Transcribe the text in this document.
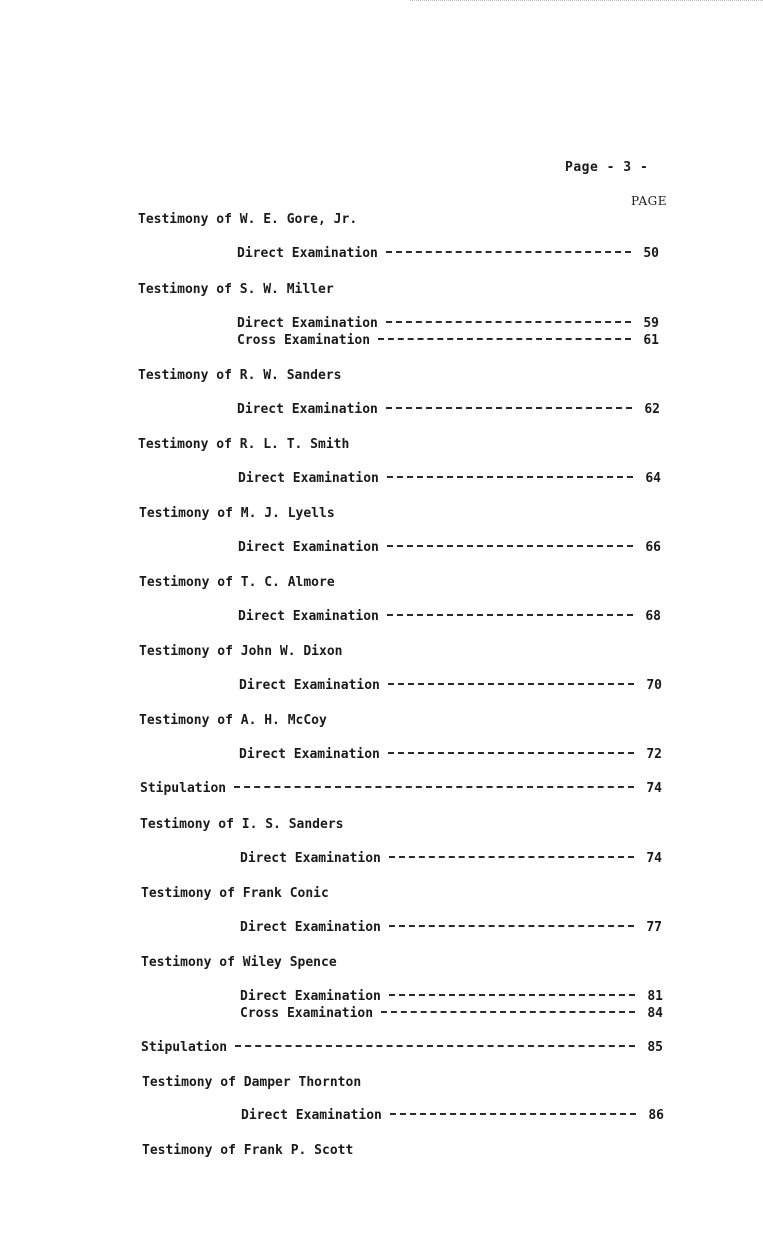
Page - 3 -
PAGE
Testimony of W. E. Gore, Jr.
Direct Examination	50
Testimony of S. W. Miller
Direct Examination	59
Cross Examination	61
Testimony of R. W. Sanders
Direct Examination	62
Testimony of R. L. T. Smith
Direct Examination	64
Testimony of M. J. Lyells
Direct Examination	66
Testimony of T. C. Almore
Direct Examination	68
Testimony of John W. Dixon
Direct Examination	70
Testimony of A. H. McCoy
Direct Examination	72
Stipulation	74
Testimony of I. S. Sanders
Direct Examination	74
Testimony of Frank Conic
Direct Examination	77
Testimony of Wiley Spence
Direct Examination	81
Cross Examination	84
Stipulation	85
Testimony of Damper Thornton
Direct Examination	86
Testimony of Frank P. Scott
